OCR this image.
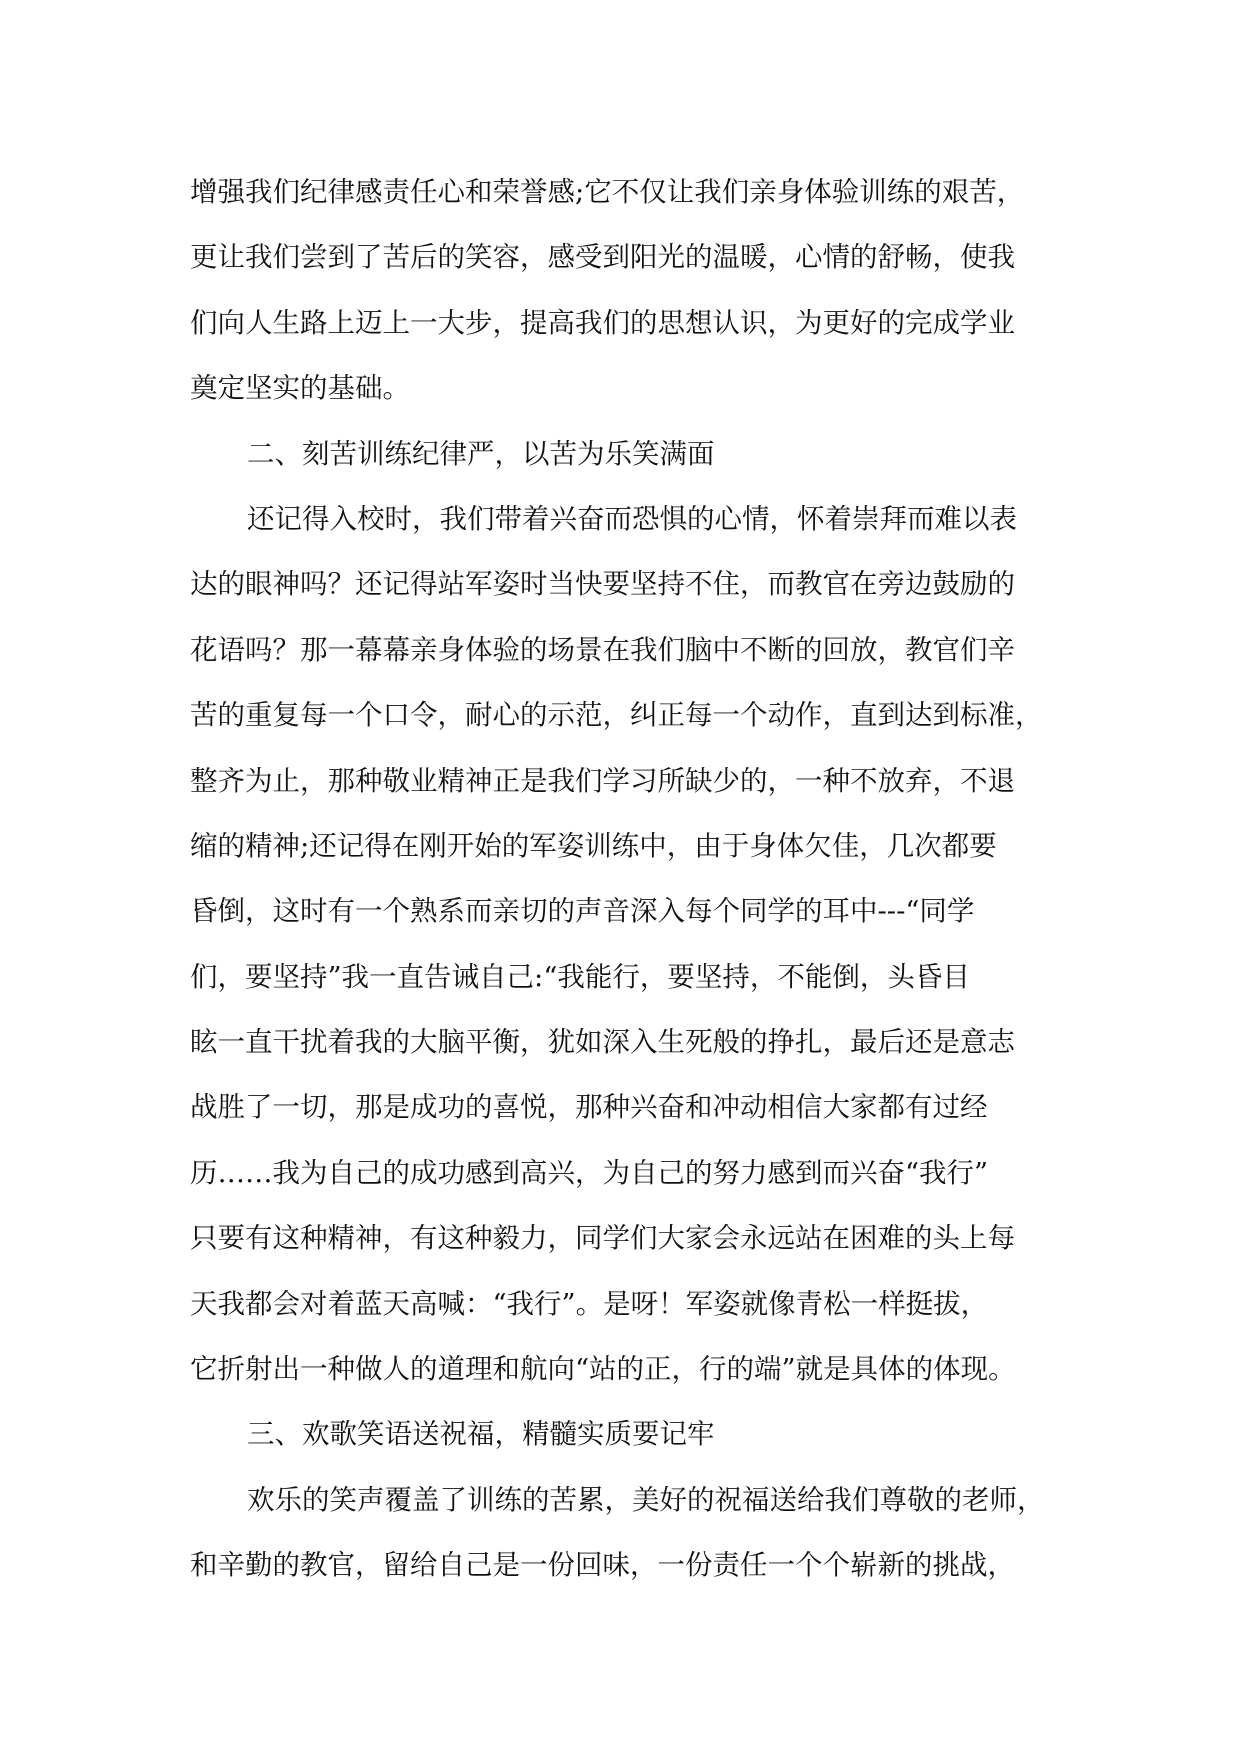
增强我们纪律感责任心和荣誉感;它不仅让我们亲身体验训练的艰苦，
更让我们尝到了苦后的笑容，感受到阳光的温暖，心情的舒畅，使我
们向人生路上迈上一大步，提高我们的思想认识，为更好的完成学业
奠定坚实的基础。
二、刻苦训练纪律严，以苦为乐笑满面
还记得入校时，我们带着兴奋而恐惧的心情，怀着崇拜而难以表
达的眼神吗？还记得站军姿时当快要坚持不住，而教官在旁边鼓励的
花语吗？那一幕幕亲身体验的场景在我们脑中不断的回放，教官们辛
苦的重复每一个口令，耐心的示范，纠正每一个动作，直到达到标准，
整齐为止，那种敬业精神正是我们学习所缺少的，一种不放弃，不退
缩的精神;还记得在刚开始的军姿训练中，由于身体欠佳，几次都要
昏倒，这时有一个熟系而亲切的声音深入每个同学的耳中---“同学
们，要坚持”我一直告诫自己:“我能行，要坚持，不能倒，头昏目
眩一直干扰着我的大脑平衡，犹如深入生死般的挣扎，最后还是意志
战胜了一切，那是成功的喜悦，那种兴奋和冲动相信大家都有过经
历……我为自己的成功感到高兴，为自己的努力感到而兴奋“我行”
只要有这种精神，有这种毅力，同学们大家会永远站在困难的头上每
天我都会对着蓝天高喊：“我行”。是呀！军姿就像青松一样挺拔，
它折射出一种做人的道理和航向“站的正，行的端”就是具体的体现。
三、欢歌笑语送祝福，精髓实质要记牢
欢乐的笑声覆盖了训练的苦累，美好的祝福送给我们尊敬的老师，
和辛勤的教官，留给自己是一份回味，一份责任一个个崭新的挑战，
